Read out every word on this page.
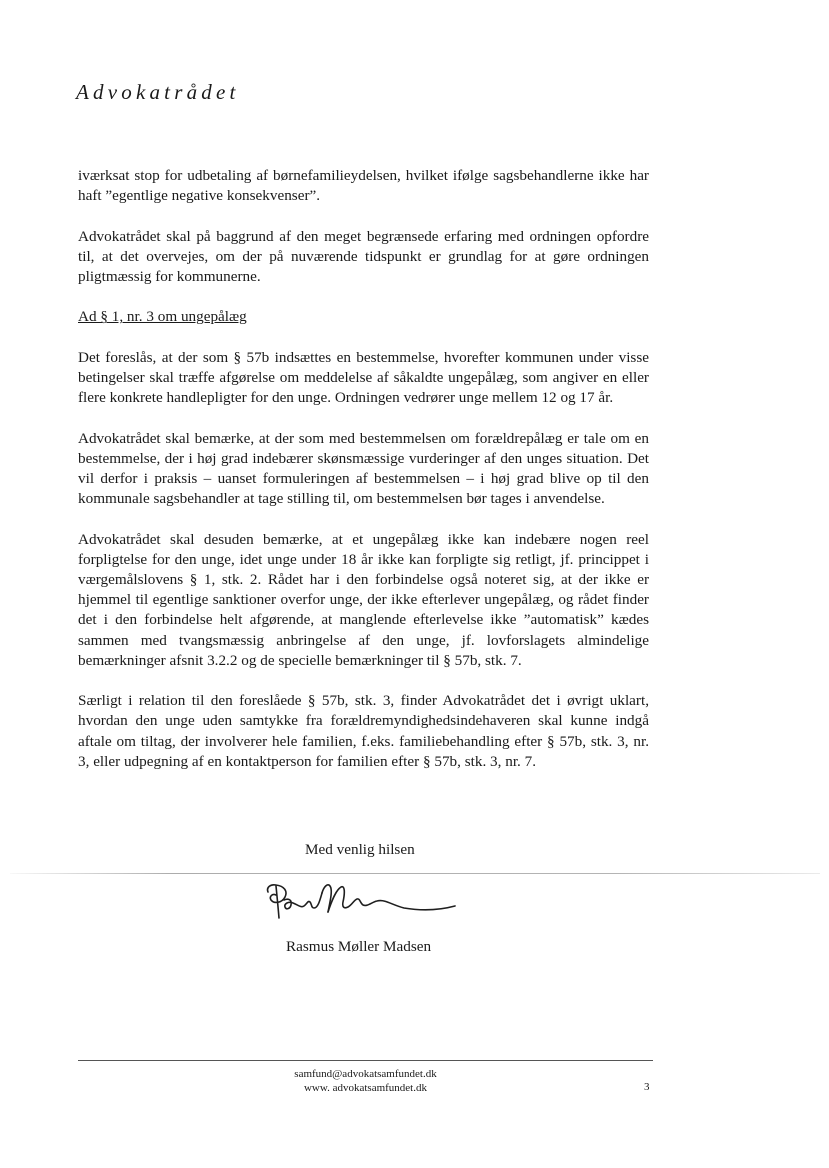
Advokatrådet

iværksat stop for udbetaling af børnefamilieydelsen, hvilket ifølge sagsbehandlerne ikke har haft ”egentlige negative konsekvenser”.

Advokatrådet skal på baggrund af den meget begrænsede erfaring med ordningen opfordre til, at det overvejes, om der på nuværende tidspunkt er grundlag for at gøre ordningen pligtmæssig for kommunerne.

Ad § 1, nr. 3 om ungepålæg

Det foreslås, at der som § 57b indsættes en bestemmelse, hvorefter kommunen under visse betingelser skal træffe afgørelse om meddelelse af såkaldte ungepålæg, som angiver en eller flere konkrete handlepligter for den unge. Ordningen vedrører unge mellem 12 og 17 år.

Advokatrådet skal bemærke, at der som med bestemmelsen om forældrepålæg er tale om en bestemmelse, der i høj grad indebærer skønsmæssige vurderinger af den unges situation. Det vil derfor i praksis – uanset formuleringen af bestemmelsen – i høj grad blive op til den kommunale sagsbehandler at tage stilling til, om bestemmelsen bør tages i anvendelse.

Advokatrådet skal desuden bemærke, at et ungepålæg ikke kan indebære nogen reel forpligtelse for den unge, idet unge under 18 år ikke kan forpligte sig retligt, jf. princippet i værgemålslovens § 1, stk. 2. Rådet har i den forbindelse også noteret sig, at der ikke er hjemmel til egentlige sanktioner overfor unge, der ikke efterlever ungepålæg, og rådet finder det i den forbindelse helt afgørende, at manglende efterlevelse ikke ”automatisk” kædes sammen med tvangsmæssig anbringelse af den unge, jf. lovforslagets almindelige bemærkninger afsnit 3.2.2 og de specielle bemærkninger til § 57b, stk. 7.

Særligt i relation til den foreslåede § 57b, stk. 3, finder Advokatrådet det i øvrigt uklart, hvordan den unge uden samtykke fra forældremyndighedsindehaveren skal kunne indgå aftale om tiltag, der involverer hele familien, f.eks. familiebehandling efter § 57b, stk. 3, nr. 3, eller udpegning af en kontaktperson for familien efter § 57b, stk. 3, nr. 7.

Med venlig hilsen
Rasmus Møller Madsen
samfund@advokatsamfundet.dk
www. advokatsamfundet.dk	3
